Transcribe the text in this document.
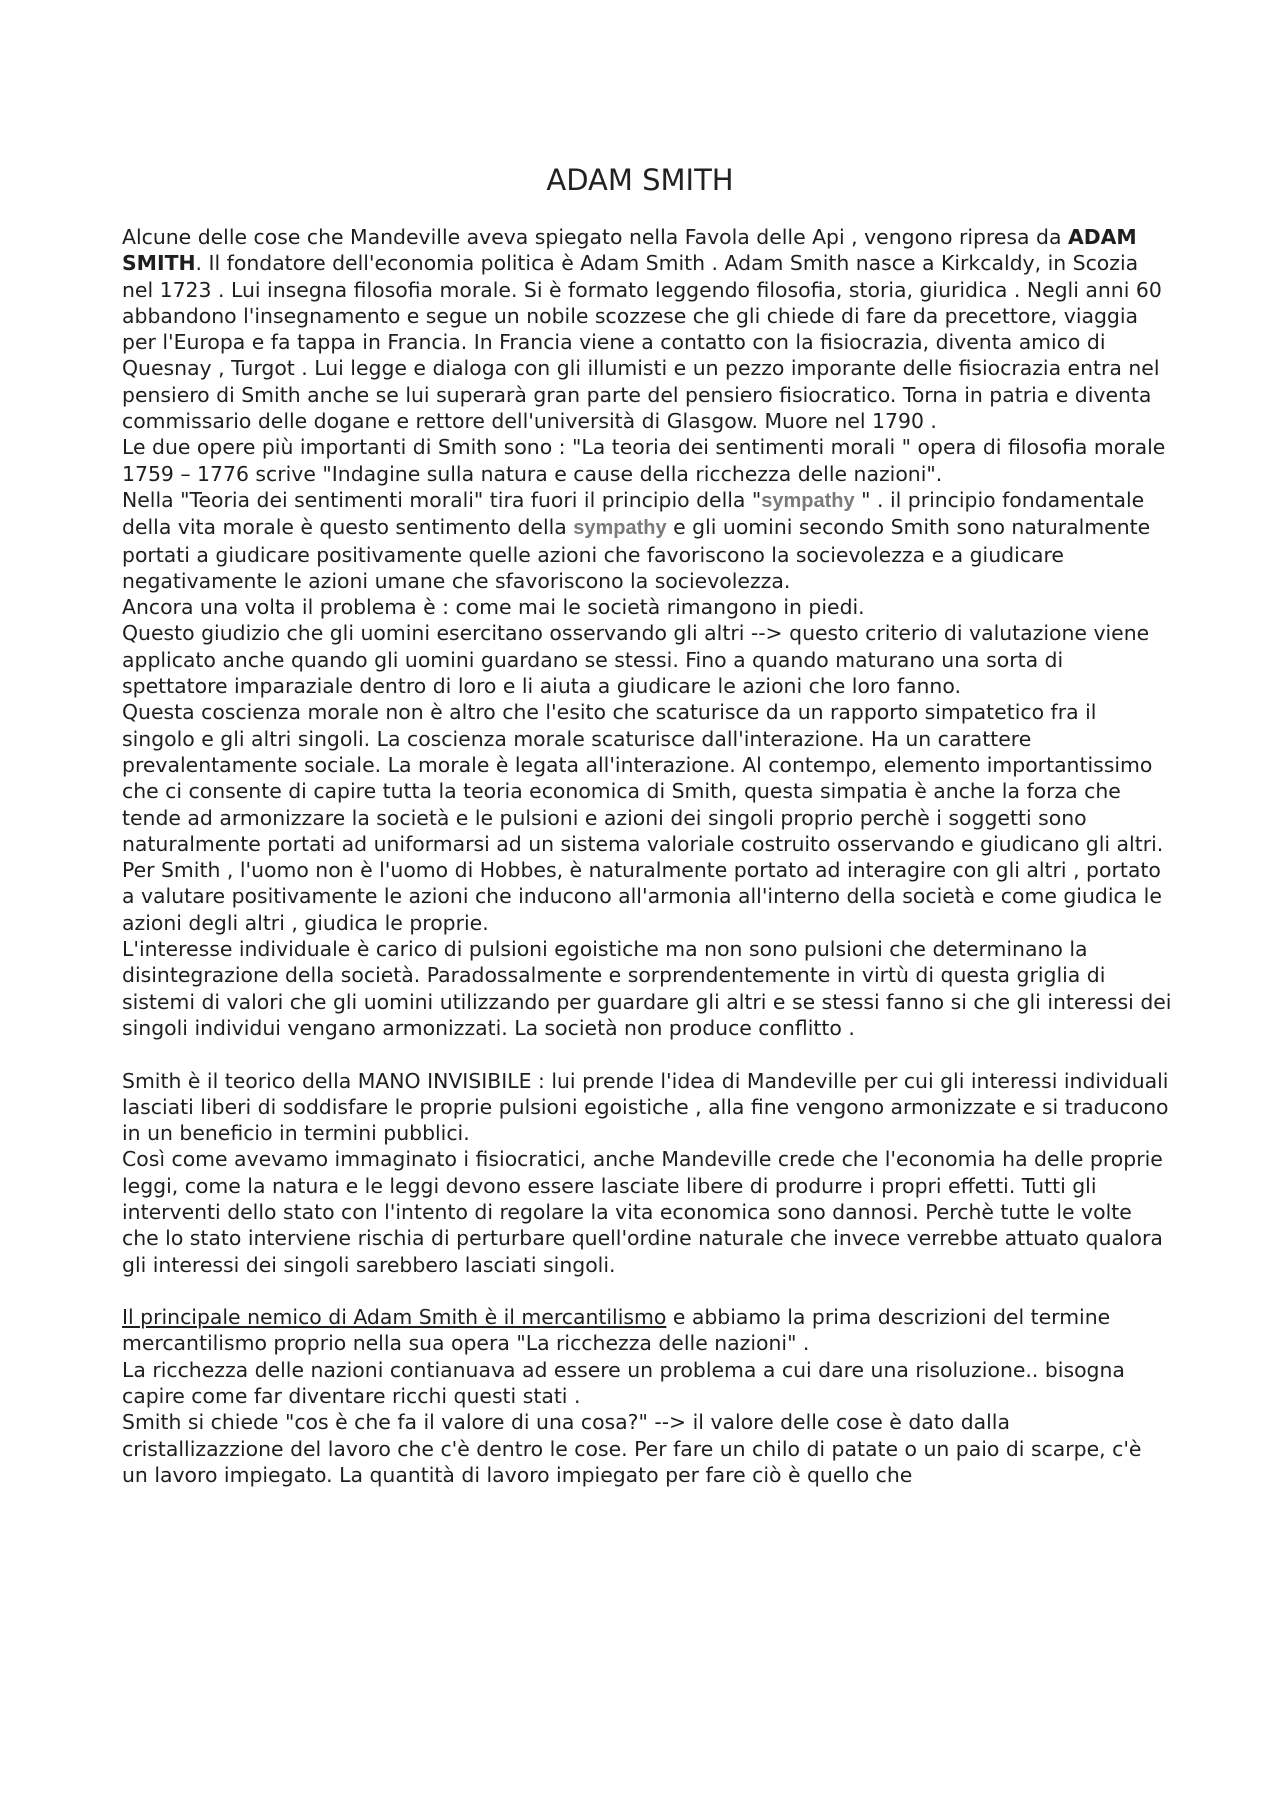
ADAM SMITH

Alcune delle cose che Mandeville aveva spiegato nella Favola delle Api , vengono ripresa da ADAM SMITH. Il fondatore dell'economia politica è Adam Smith . Adam Smith nasce a Kirkcaldy, in Scozia nel 1723 . Lui insegna filosofia morale. Si è formato leggendo filosofia, storia, giuridica . Negli anni 60 abbandono l'insegnamento e segue un nobile scozzese che gli chiede di fare da precettore, viaggia per l'Europa e fa tappa in Francia. In Francia viene a contatto con la fisiocrazia, diventa amico di Quesnay , Turgot . Lui legge e dialoga con gli illumisti e un pezzo imporante delle fisiocrazia entra nel pensiero di Smith anche se lui superarà gran parte del pensiero fisiocratico. Torna in patria e diventa commissario delle dogane e rettore dell'università di Glasgow. Muore nel 1790 .

Le due opere più importanti di Smith sono : "La teoria dei sentimenti morali " opera di filosofia morale 1759 – 1776 scrive "Indagine sulla natura e cause della ricchezza delle nazioni".

Nella "Teoria dei sentimenti morali" tira fuori il principio della "sympathy " . il principio fondamentale della vita morale è questo sentimento della sympathy e gli uomini secondo Smith sono naturalmente portati a giudicare positivamente quelle azioni che favoriscono la socievolezza e a giudicare negativamente le azioni umane che sfavoriscono la socievolezza.

Ancora una volta il problema è : come mai le società rimangono in piedi.

Questo giudizio che gli uomini esercitano osservando gli altri --> questo criterio di valutazione viene applicato anche quando gli uomini guardano se stessi. Fino a quando maturano una sorta di spettatore imparaziale dentro di loro e li aiuta a giudicare le azioni che loro fanno.

Questa coscienza morale non è altro che l'esito che scaturisce da un rapporto simpatetico fra il singolo e gli altri singoli. La coscienza morale scaturisce dall'interazione. Ha un carattere prevalentamente sociale. La morale è legata all'interazione. Al contempo, elemento importantissimo che ci consente di capire tutta la teoria economica di Smith, questa simpatia è anche la forza che tende ad armonizzare la società e le pulsioni e azioni dei singoli proprio perchè i soggetti sono naturalmente portati ad uniformarsi ad un sistema valoriale costruito osservando e giudicano gli altri. Per Smith , l'uomo non è l'uomo di Hobbes, è naturalmente portato ad interagire con gli altri , portato a valutare positivamente le azioni che inducono all'armonia all'interno della società e come giudica le azioni degli altri , giudica le proprie.

L'interesse individuale è carico di pulsioni egoistiche ma non sono pulsioni che determinano la disintegrazione della società. Paradossalmente e sorprendentemente in virtù di questa griglia di sistemi di valori che gli uomini utilizzando per guardare gli altri e se stessi fanno si che gli interessi dei singoli individui vengano armonizzati. La società non produce conflitto .

Smith è il teorico della MANO INVISIBILE : lui prende l'idea di Mandeville per cui gli interessi individuali lasciati liberi di soddisfare le proprie pulsioni egoistiche , alla fine vengono armonizzate e si traducono in un beneficio in termini pubblici.

Così come avevamo immaginato i fisiocratici, anche Mandeville crede che l'economia ha delle proprie leggi, come la natura e le leggi devono essere lasciate libere di produrre i propri effetti. Tutti gli interventi dello stato con l'intento di regolare la vita economica sono dannosi. Perchè tutte le volte che lo stato interviene rischia di perturbare quell'ordine naturale che invece verrebbe attuato qualora gli interessi dei singoli sarebbero lasciati singoli.

Il principale nemico di Adam Smith è il mercantilismo e abbiamo la prima descrizioni del termine mercantilismo proprio nella sua opera "La ricchezza delle nazioni" .

La ricchezza delle nazioni contianuava ad essere un problema a cui dare una risoluzione.. bisogna capire come far diventare ricchi questi stati .

Smith si chiede "cos è che fa il valore di una cosa?" --> il valore delle cose è dato dalla cristallizazzione del lavoro che c'è dentro le cose. Per fare un chilo di patate o un paio di scarpe, c'è un lavoro impiegato. La quantità di lavoro impiegato per fare ciò è quello che
